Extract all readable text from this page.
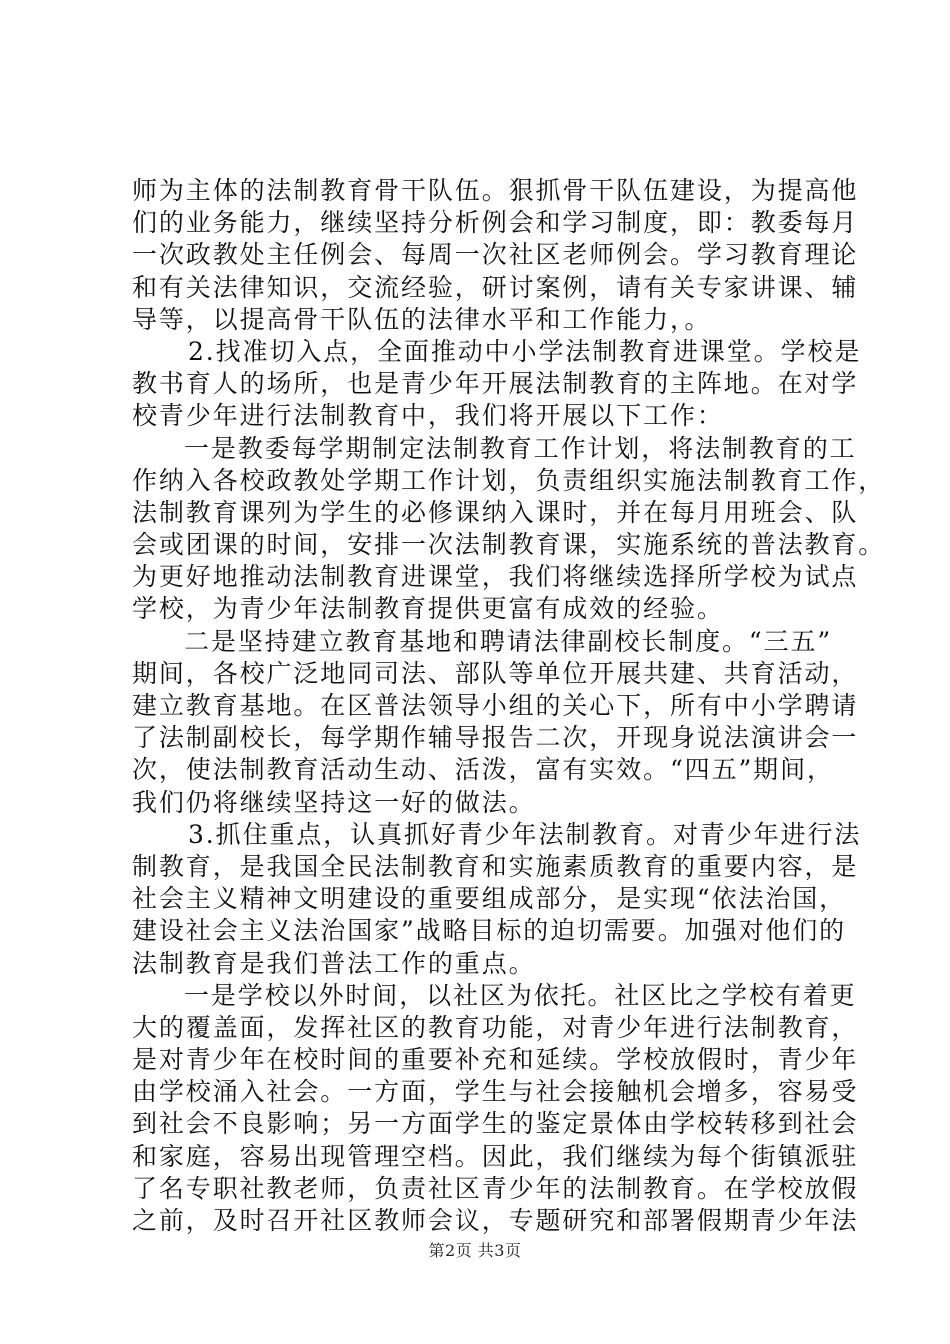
师为主体的法制教育骨干队伍。狠抓骨干队伍建设，为提高他
们的业务能力，继续坚持分析例会和学习制度，即：教委每月
一次政教处主任例会、每周一次社区老师例会。学习教育理论
和有关法律知识，交流经验，研讨案例，请有关专家讲课、辅
导等，以提高骨干队伍的法律水平和工作能力，。
2.找准切入点，全面推动中小学法制教育进课堂。学校是
教书育人的场所，也是青少年开展法制教育的主阵地。在对学
校青少年进行法制教育中，我们将开展以下工作：
一是教委每学期制定法制教育工作计划，将法制教育的工
作纳入各校政教处学期工作计划，负责组织实施法制教育工作，
法制教育课列为学生的必修课纳入课时，并在每月用班会、队
会或团课的时间，安排一次法制教育课，实施系统的普法教育。
为更好地推动法制教育进课堂，我们将继续选择所学校为试点
学校，为青少年法制教育提供更富有成效的经验。
二是坚持建立教育基地和聘请法律副校长制度。“三五”
期间，各校广泛地同司法、部队等单位开展共建、共育活动，
建立教育基地。在区普法领导小组的关心下，所有中小学聘请
了法制副校长，每学期作辅导报告二次，开现身说法演讲会一
次，使法制教育活动生动、活泼，富有实效。“四五”期间，
我们仍将继续坚持这一好的做法。
3.抓住重点，认真抓好青少年法制教育。对青少年进行法
制教育，是我国全民法制教育和实施素质教育的重要内容，是
社会主义精神文明建设的重要组成部分，是实现“依法治国，
建设社会主义法治国家”战略目标的迫切需要。加强对他们的
法制教育是我们普法工作的重点。
一是学校以外时间，以社区为依托。社区比之学校有着更
大的覆盖面，发挥社区的教育功能，对青少年进行法制教育，
是对青少年在校时间的重要补充和延续。学校放假时，青少年
由学校涌入社会。一方面，学生与社会接触机会增多，容易受
到社会不良影响；另一方面学生的鉴定景体由学校转移到社会
和家庭，容易出现管理空档。因此，我们继续为每个街镇派驻
了名专职社教老师，负责社区青少年的法制教育。在学校放假
之前，及时召开社区教师会议，专题研究和部署假期青少年法
第2页 共3页
